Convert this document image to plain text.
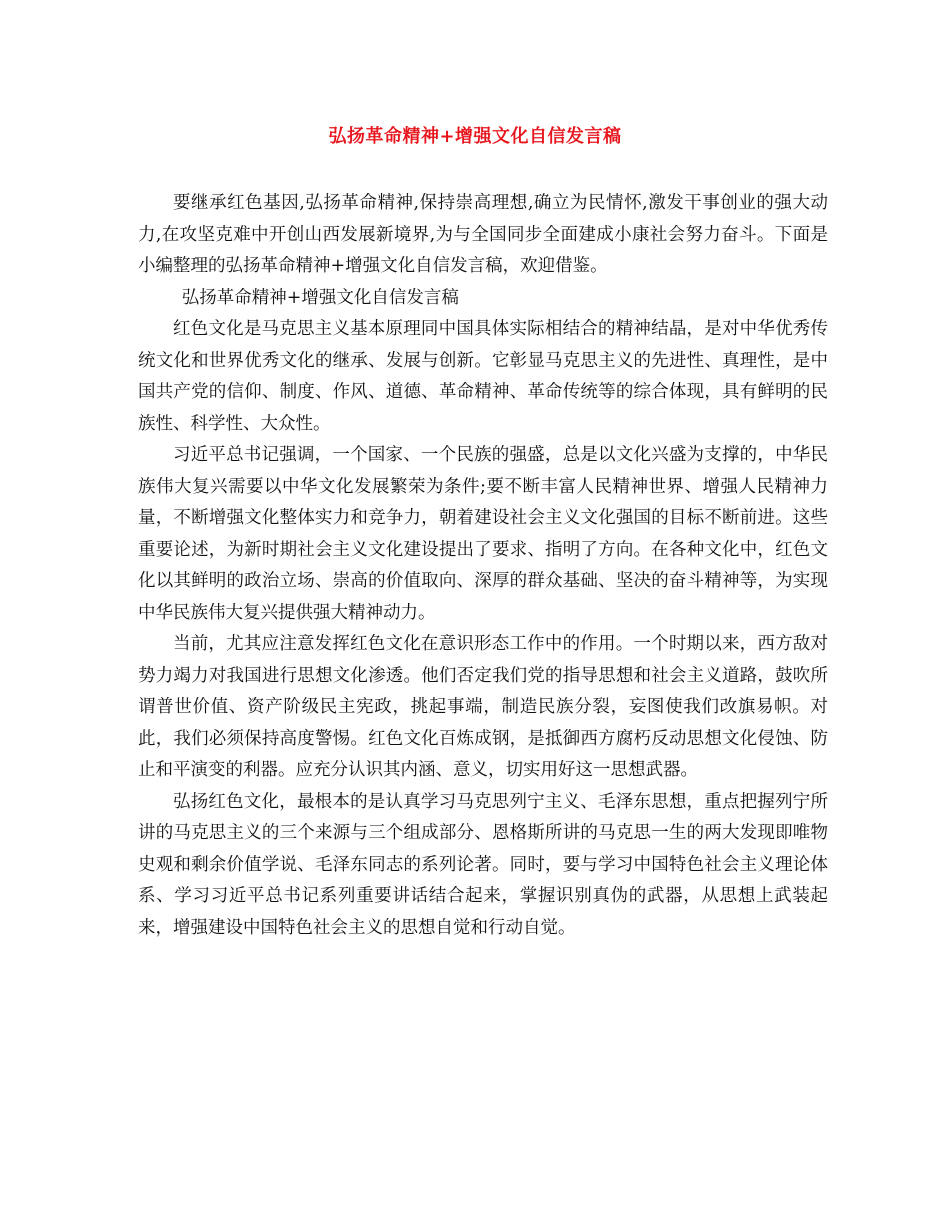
弘扬革命精神+增强文化自信发言稿

要继承红色基因,弘扬革命精神,保持崇高理想,确立为民情怀,激发干事创业的强大动力,在攻坚克难中开创山西发展新境界,为与全国同步全面建成小康社会努力奋斗。下面是小编整理的弘扬革命精神+增强文化自信发言稿，欢迎借鉴。

弘扬革命精神+增强文化自信发言稿

红色文化是马克思主义基本原理同中国具体实际相结合的精神结晶，是对中华优秀传统文化和世界优秀文化的继承、发展与创新。它彰显马克思主义的先进性、真理性，是中国共产党的信仰、制度、作风、道德、革命精神、革命传统等的综合体现，具有鲜明的民族性、科学性、大众性。

习近平总书记强调，一个国家、一个民族的强盛，总是以文化兴盛为支撑的，中华民族伟大复兴需要以中华文化发展繁荣为条件;要不断丰富人民精神世界、增强人民精神力量，不断增强文化整体实力和竞争力，朝着建设社会主义文化强国的目标不断前进。这些重要论述，为新时期社会主义文化建设提出了要求、指明了方向。在各种文化中，红色文化以其鲜明的政治立场、崇高的价值取向、深厚的群众基础、坚决的奋斗精神等，为实现中华民族伟大复兴提供强大精神动力。

当前，尤其应注意发挥红色文化在意识形态工作中的作用。一个时期以来，西方敌对势力竭力对我国进行思想文化渗透。他们否定我们党的指导思想和社会主义道路，鼓吹所谓普世价值、资产阶级民主宪政，挑起事端，制造民族分裂，妄图使我们改旗易帜。对此，我们必须保持高度警惕。红色文化百炼成钢，是抵御西方腐朽反动思想文化侵蚀、防止和平演变的利器。应充分认识其内涵、意义，切实用好这一思想武器。

弘扬红色文化，最根本的是认真学习马克思列宁主义、毛泽东思想，重点把握列宁所讲的马克思主义的三个来源与三个组成部分、恩格斯所讲的马克思一生的两大发现即唯物史观和剩余价值学说、毛泽东同志的系列论著。同时，要与学习中国特色社会主义理论体系、学习习近平总书记系列重要讲话结合起来，掌握识别真伪的武器，从思想上武装起来，增强建设中国特色社会主义的思想自觉和行动自觉。
